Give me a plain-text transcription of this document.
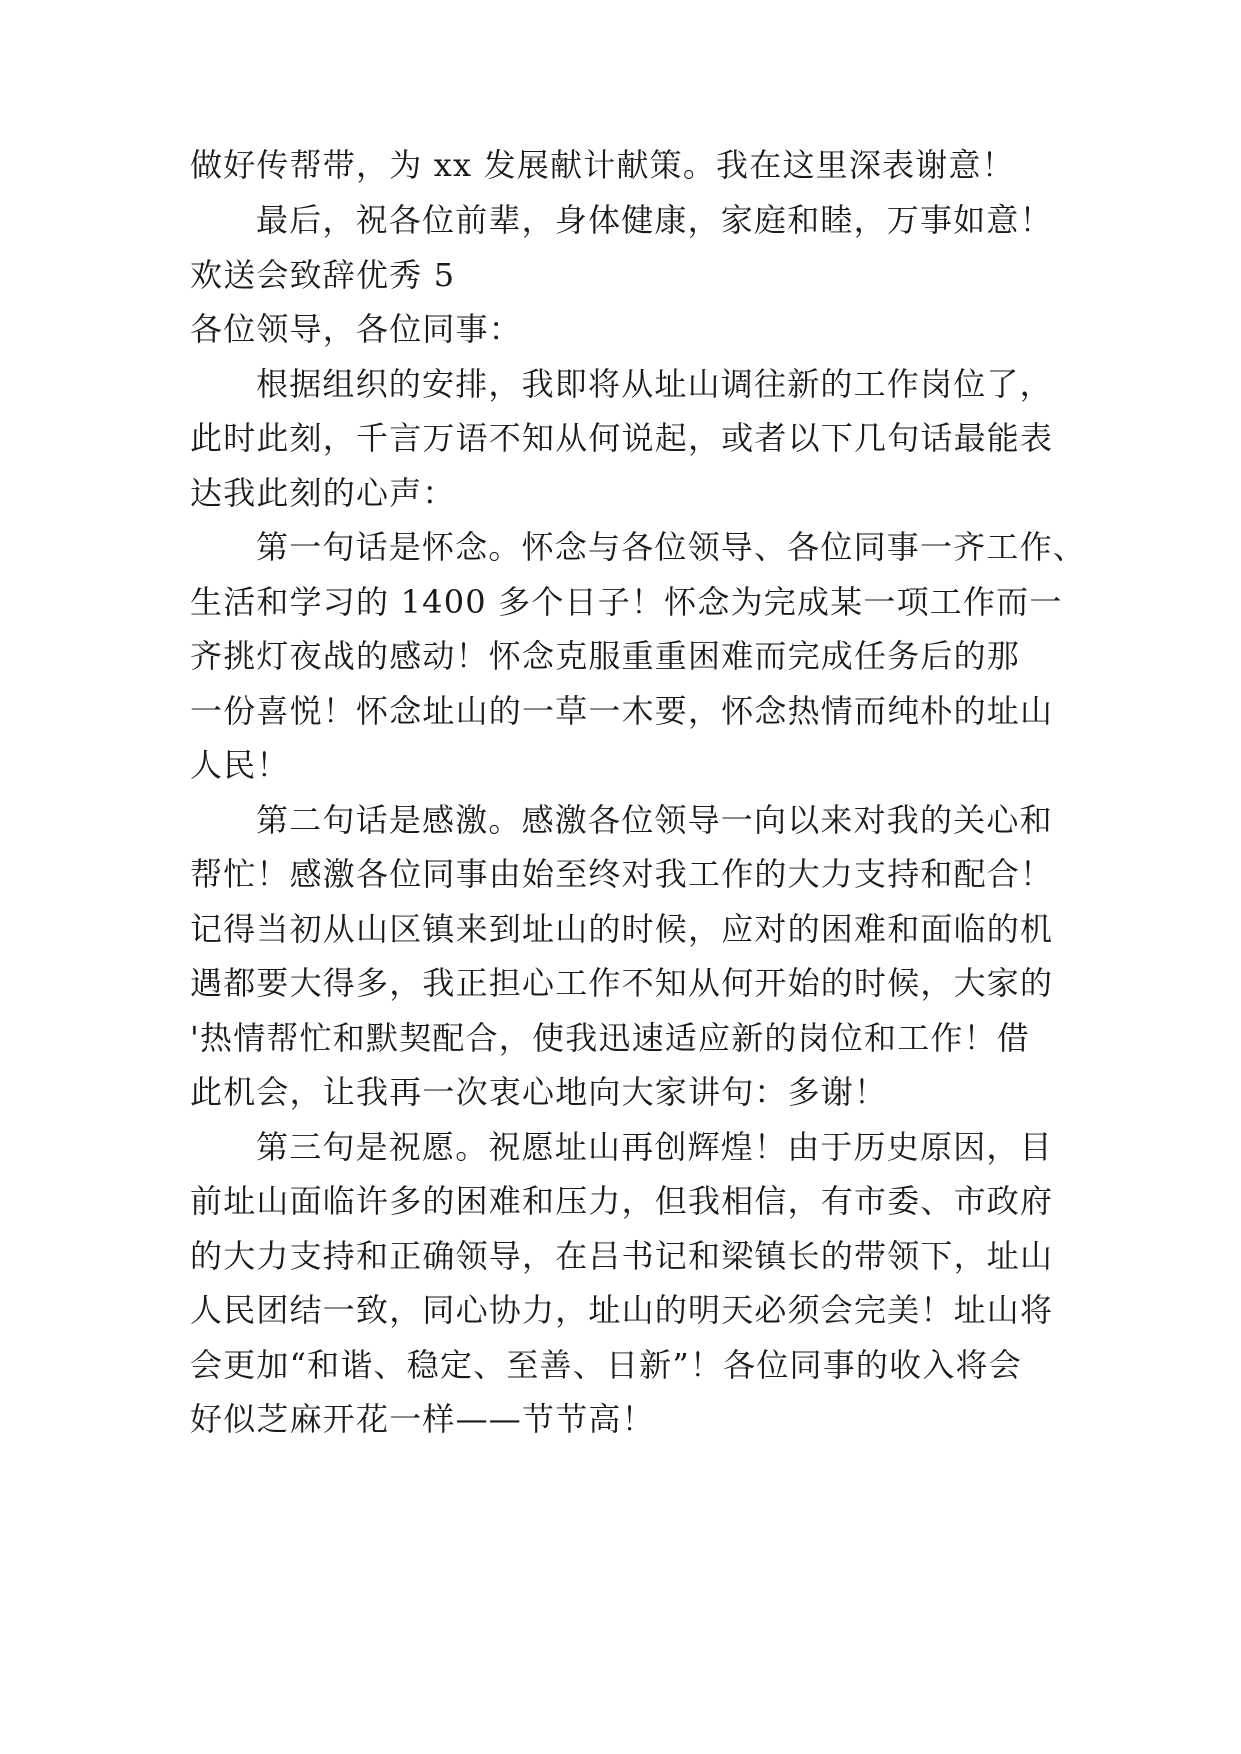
做好传帮带，为 xx 发展献计献策。我在这里深表谢意！
最后，祝各位前辈，身体健康，家庭和睦，万事如意！
欢送会致辞优秀 5
各位领导，各位同事：
根据组织的安排，我即将从址山调往新的工作岗位了，
此时此刻，千言万语不知从何说起，或者以下几句话最能表
达我此刻的心声：
第一句话是怀念。怀念与各位领导、各位同事一齐工作、
生活和学习的 1400 多个日子！怀念为完成某一项工作而一
齐挑灯夜战的感动！怀念克服重重困难而完成任务后的那
一份喜悦！怀念址山的一草一木要，怀念热情而纯朴的址山
人民！
第二句话是感激。感激各位领导一向以来对我的关心和
帮忙！感激各位同事由始至终对我工作的大力支持和配合！
记得当初从山区镇来到址山的时候，应对的困难和面临的机
遇都要大得多，我正担心工作不知从何开始的时候，大家的
'热情帮忙和默契配合，使我迅速适应新的岗位和工作！借
此机会，让我再一次衷心地向大家讲句：多谢！
第三句是祝愿。祝愿址山再创辉煌！由于历史原因，目
前址山面临许多的困难和压力，但我相信，有市委、市政府
的大力支持和正确领导，在吕书记和梁镇长的带领下，址山
人民团结一致，同心协力，址山的明天必须会完美！址山将
会更加“和谐、稳定、至善、日新”！各位同事的收入将会
好似芝麻开花一样——节节高！
